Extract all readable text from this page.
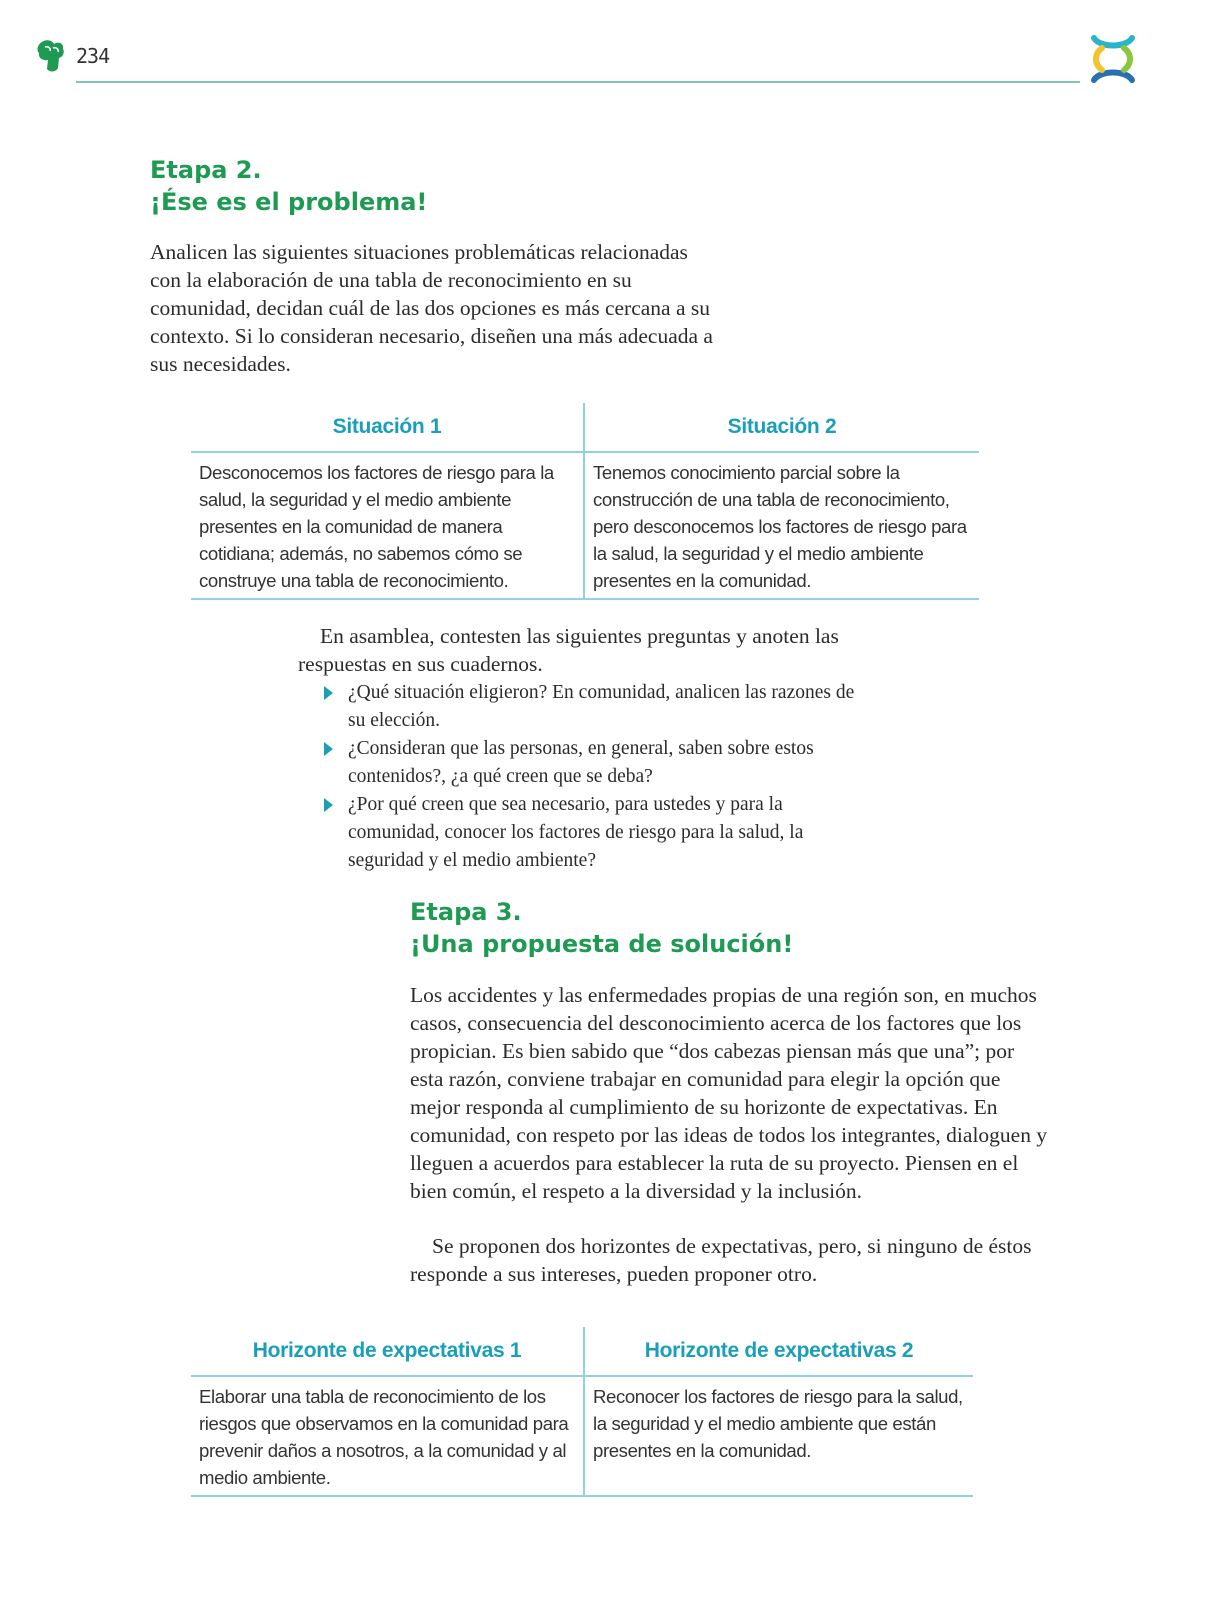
234
Etapa 2.
¡Ése es el problema!

Analicen las siguientes situaciones problemáticas relacionadas con la elaboración de una tabla de reconocimiento en su comunidad, decidan cuál de las dos opciones es más cercana a su contexto. Si lo consideran necesario, diseñen una más adecuada a sus necesidades.

Situación 1	Situación 2
Desconocemos los factores de riesgo para la salud, la seguridad y el medio ambiente presentes en la comunidad de manera cotidiana; además, no sabemos cómo se construye una tabla de reconocimiento.	Tenemos conocimiento parcial sobre la construcción de una tabla de reconocimiento, pero desconocemos los factores de riesgo para la salud, la seguridad y el medio ambiente presentes en la comunidad.

En asamblea, contesten las siguientes preguntas y anoten las respuestas en sus cuadernos.

¿Qué situación eligieron? En comunidad, analicen las razones de su elección.
¿Consideran que las personas, en general, saben sobre estos contenidos?, ¿a qué creen que se deba?
¿Por qué creen que sea necesario, para ustedes y para la comunidad, conocer los factores de riesgo para la salud, la seguridad y el medio ambiente?
Etapa 3.
¡Una propuesta de solución!

Los accidentes y las enfermedades propias de una región son, en muchos casos, consecuencia del desconocimiento acerca de los factores que los propician. Es bien sabido que “dos cabezas piensan más que una”; por esta razón, conviene trabajar en comunidad para elegir la opción que mejor responda al cumplimiento de su horizonte de expectativas. En comunidad, con respeto por las ideas de todos los integrantes, dialoguen y lleguen a acuerdos para establecer la ruta de su proyecto. Piensen en el bien común, el respeto a la diversidad y la inclusión.

Se proponen dos horizontes de expectativas, pero, si ninguno de éstos responde a sus intereses, pueden proponer otro.

Horizonte de expectativas 1	Horizonte de expectativas 2
Elaborar una tabla de reconocimiento de los riesgos que observamos en la comunidad para prevenir daños a nosotros, a la comunidad y al medio ambiente.	Reconocer los factores de riesgo para la salud, la seguridad y el medio ambiente que están presentes en la comunidad.
